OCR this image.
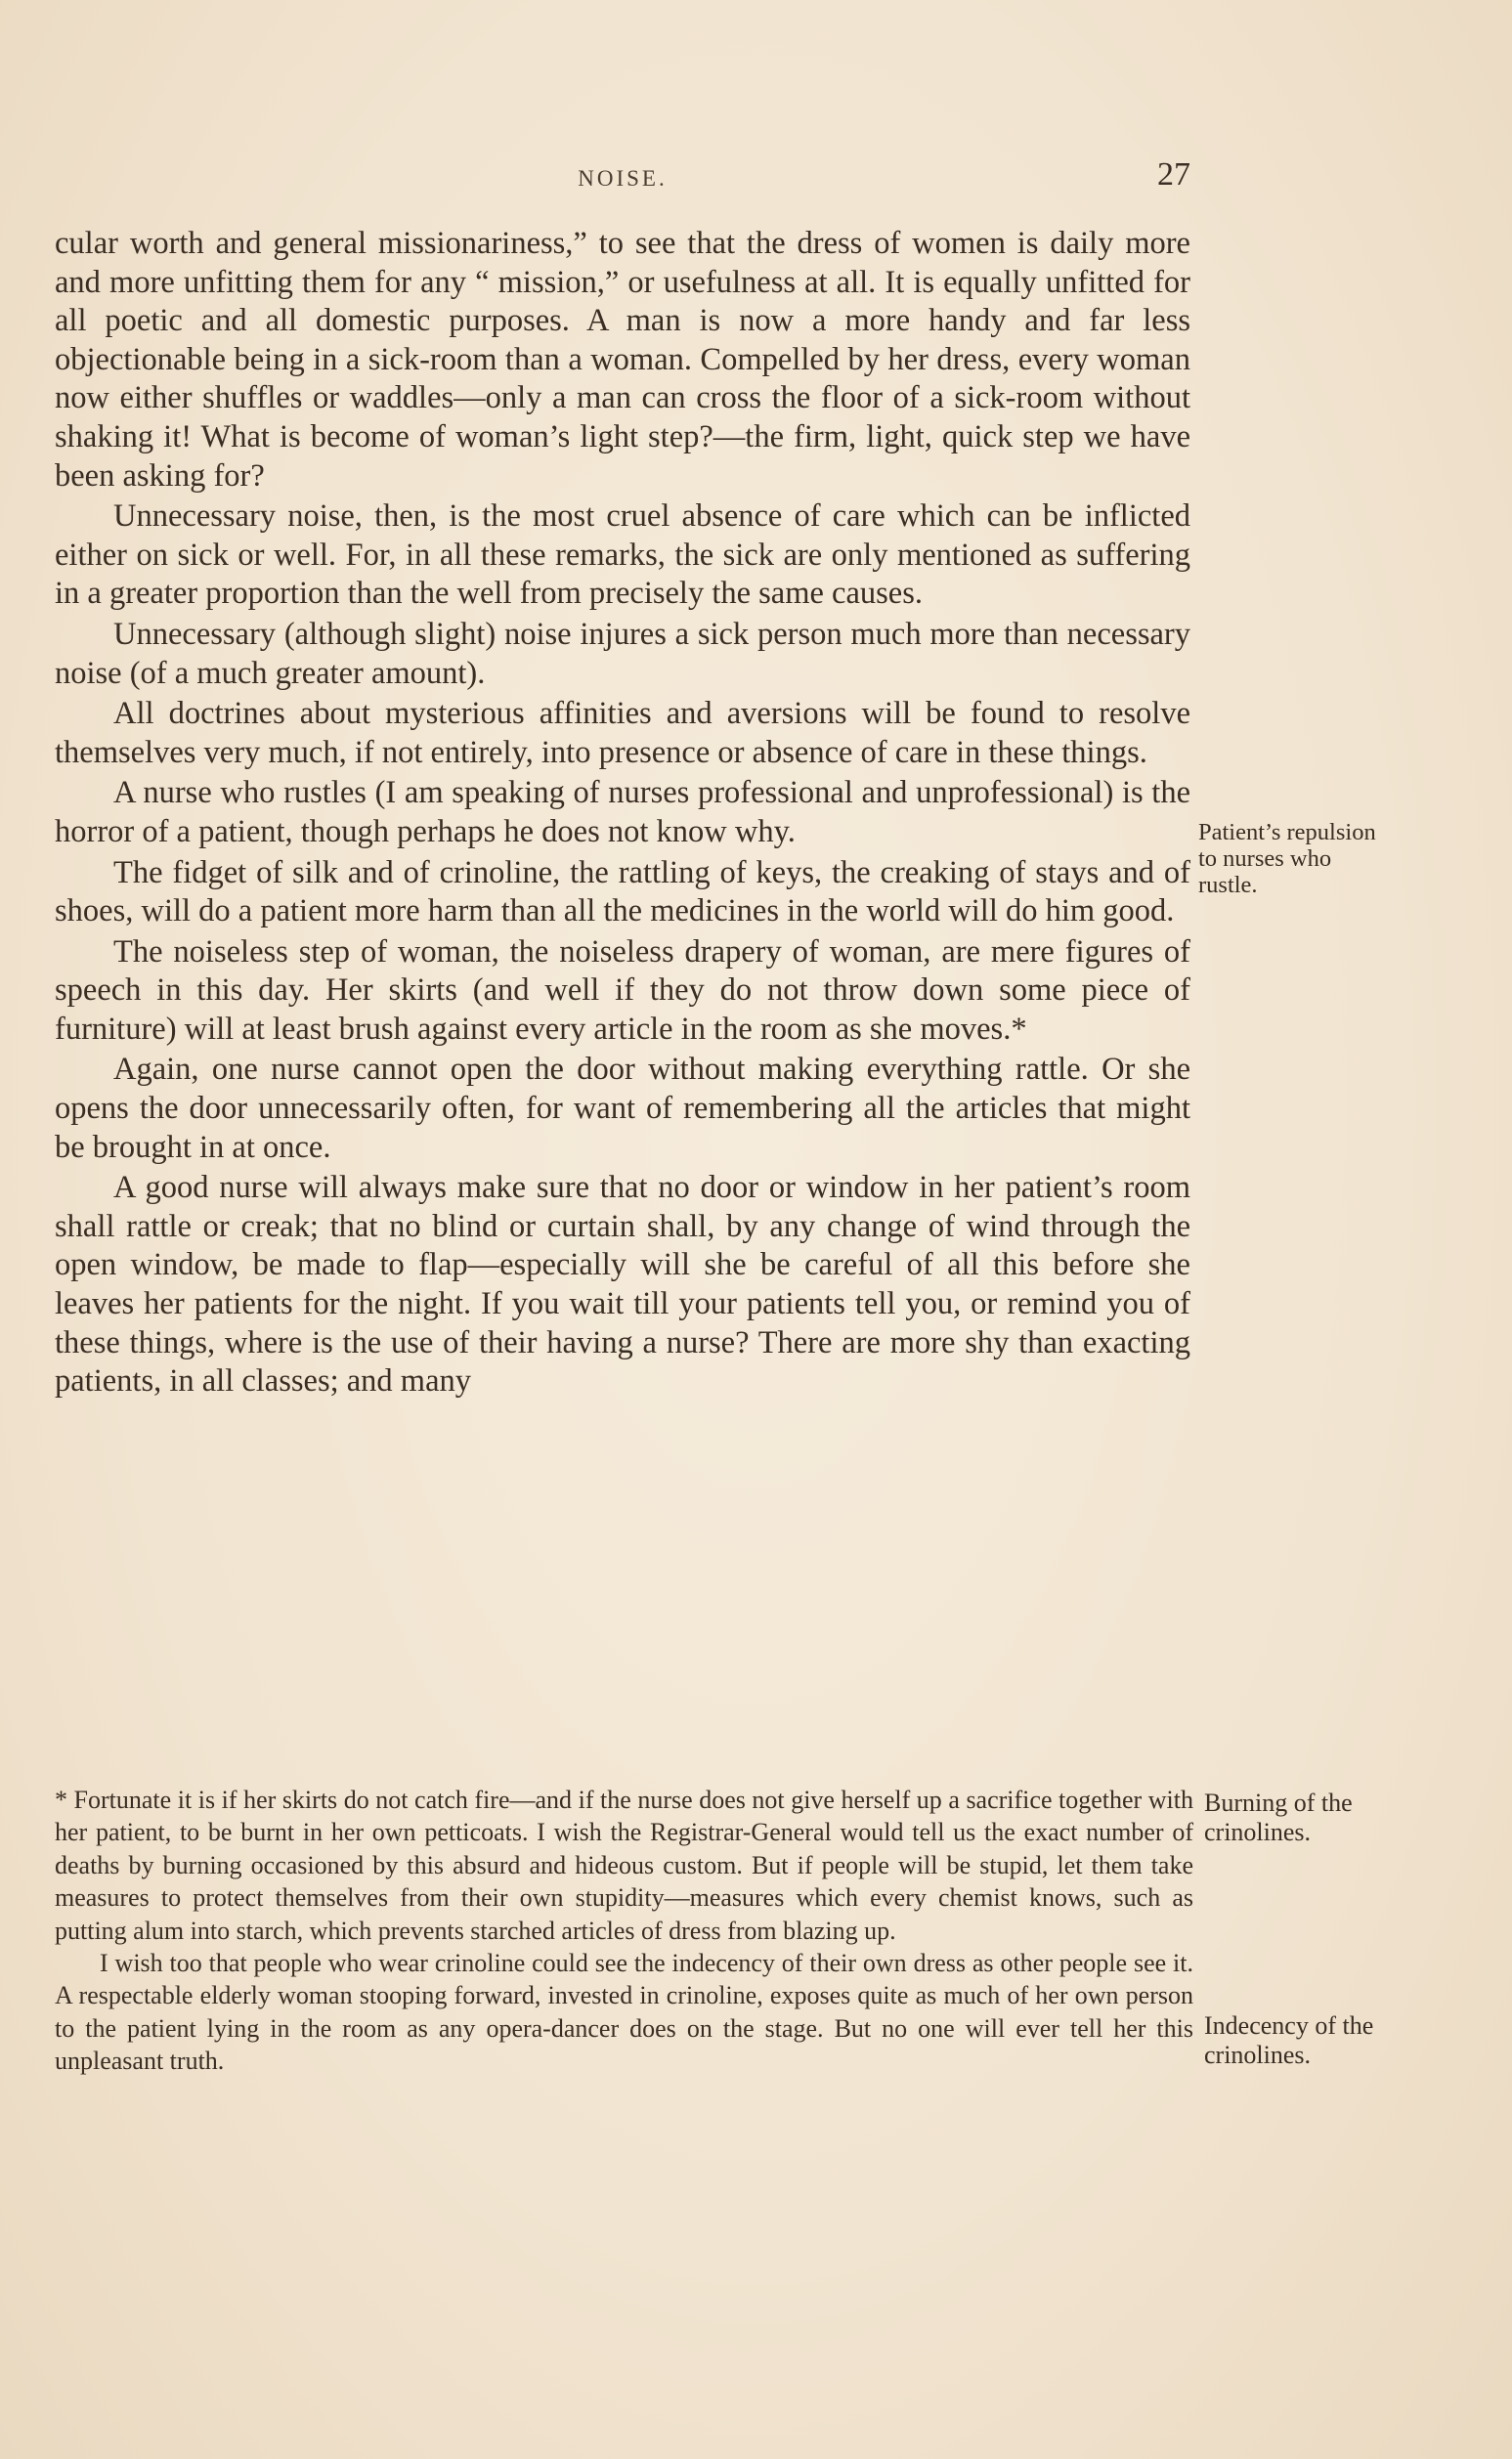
NOISE.	27

cular worth and general missionariness,” to see that the dress of women is daily more and more unfitting them for any “ mission,” or usefulness at all. It is equally unfitted for all poetic and all domestic purposes. A man is now a more handy and far less objectionable being in a sick-room than a woman. Compelled by her dress, every woman now either shuffles or waddles—only a man can cross the floor of a sick-room without shaking it! What is become of woman’s light step?—the firm, light, quick step we have been asking for?

Unnecessary noise, then, is the most cruel absence of care which can be inflicted either on sick or well. For, in all these remarks, the sick are only mentioned as suffering in a greater proportion than the well from precisely the same causes.

Unnecessary (although slight) noise injures a sick person much more than necessary noise (of a much greater amount).

All doctrines about mysterious affinities and aversions will be found to resolve themselves very much, if not entirely, into presence or absence of care in these things.

A nurse who rustles (I am speaking of nurses professional and unprofessional) is the horror of a patient, though perhaps he does not know why.

The fidget of silk and of crinoline, the rattling of keys, the creaking of stays and of shoes, will do a patient more harm than all the medicines in the world will do him good.

The noiseless step of woman, the noiseless drapery of woman, are mere figures of speech in this day. Her skirts (and well if they do not throw down some piece of furniture) will at least brush against every article in the room as she moves.*

Again, one nurse cannot open the door without making everything rattle. Or she opens the door unnecessarily often, for want of remembering all the articles that might be brought in at once.

A good nurse will always make sure that no door or window in her patient’s room shall rattle or creak; that no blind or curtain shall, by any change of wind through the open window, be made to flap—especially will she be careful of all this before she leaves her patients for the night. If you wait till your patients tell you, or remind you of these things, where is the use of their having a nurse? There are more shy than exacting patients, in all classes; and many

Patient’s repulsion to nurses who rustle.

* Fortunate it is if her skirts do not catch fire—and if the nurse does not give herself up a sacrifice together with her patient, to be burnt in her own petticoats. I wish the Registrar-General would tell us the exact number of deaths by burning occasioned by this absurd and hideous custom. But if people will be stupid, let them take measures to protect themselves from their own stupidity—measures which every chemist knows, such as putting alum into starch, which prevents starched articles of dress from blazing up.

I wish too that people who wear crinoline could see the indecency of their own dress as other people see it. A respectable elderly woman stooping forward, invested in crinoline, exposes quite as much of her own person to the patient lying in the room as any opera-dancer does on the stage. But no one will ever tell her this unpleasant truth.

Burning of the crinolines.
Indecency of the crinolines.
